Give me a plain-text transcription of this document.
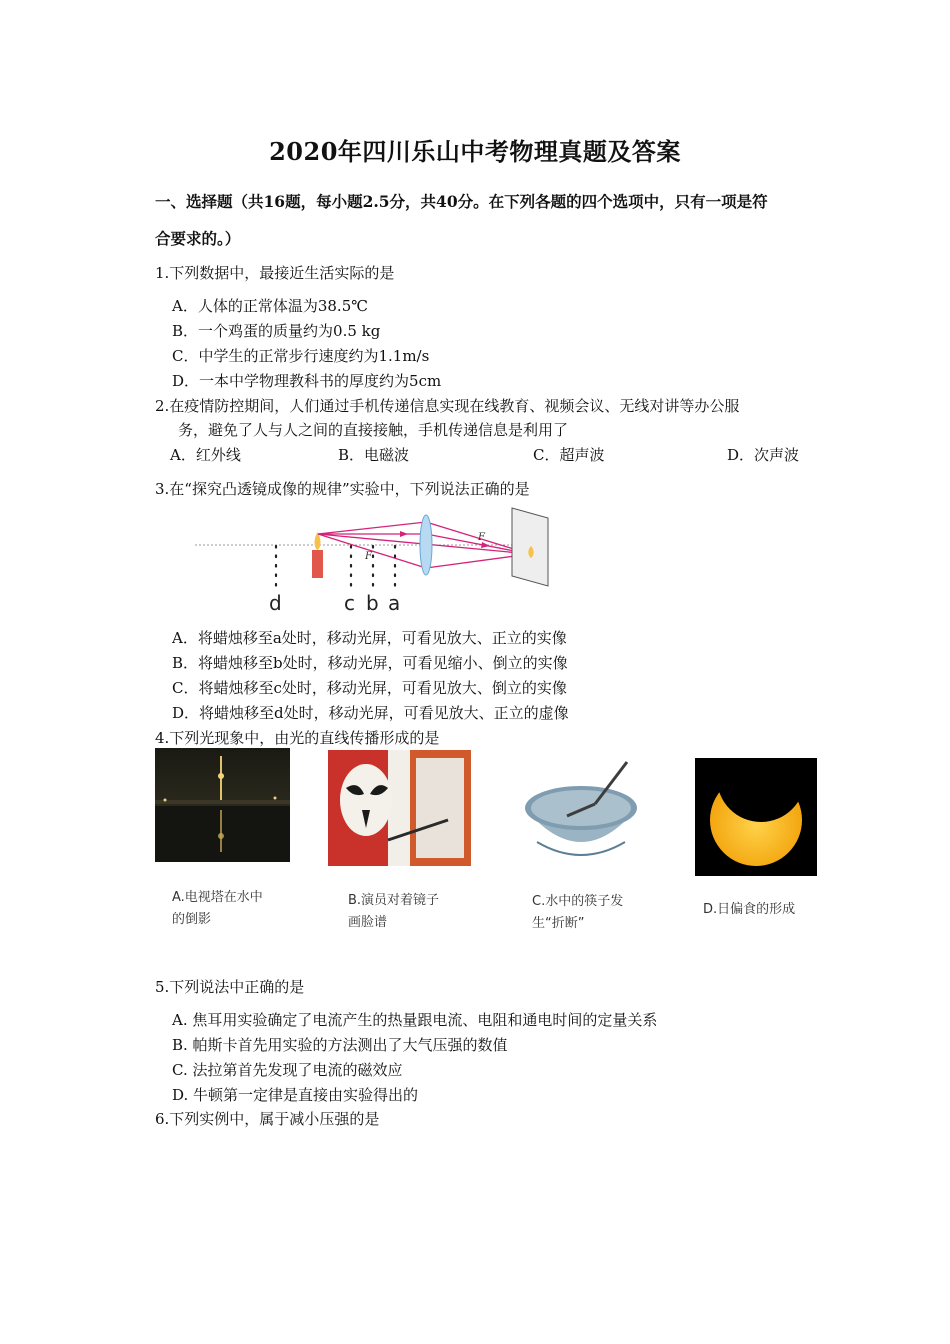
2020年四川乐山中考物理真题及答案
一、选择题（共16题，每小题2.5分，共40分。在下列各题的四个选项中，只有一项是符
合要求的。）
1.下列数据中，最接近生活实际的是
A．人体的正常体温为38.5℃
B．一个鸡蛋的质量约为0.5 kg
C．中学生的正常步行速度约为1.1m/s
D．一本中学物理教科书的厚度约为5cm
2.在疫情防控期间，人们通过手机传递信息实现在线教育、视频会议、无线对讲等办公服
务，避免了人与人之间的直接接触，手机传递信息是利用了
A．红外线	B．电磁波	C．超声波	D．次声波
3.在“探究凸透镜成像的规律”实验中，下列说法正确的是
F
F
d	c b a
A．将蜡烛移至a处时，移动光屏，可看见放大、正立的实像
B．将蜡烛移至b处时，移动光屏，可看见缩小、倒立的实像
C．将蜡烛移至c处时，移动光屏，可看见放大、倒立的实像
D．将蜡烛移至d处时，移动光屏，可看见放大、正立的虚像
4.下列光现象中，由光的直线传播形成的是
A.电视塔在水中
的倒影
B.演员对着镜子
画脸谱
C.水中的筷子发
生“折断”
D.日偏食的形成
5.下列说法中正确的是
A. 焦耳用实验确定了电流产生的热量跟电流、电阻和通电时间的定量关系
B. 帕斯卡首先用实验的方法测出了大气压强的数值
C. 法拉第首先发现了电流的磁效应
D. 牛顿第一定律是直接由实验得出的
6.下列实例中，属于减小压强的是
